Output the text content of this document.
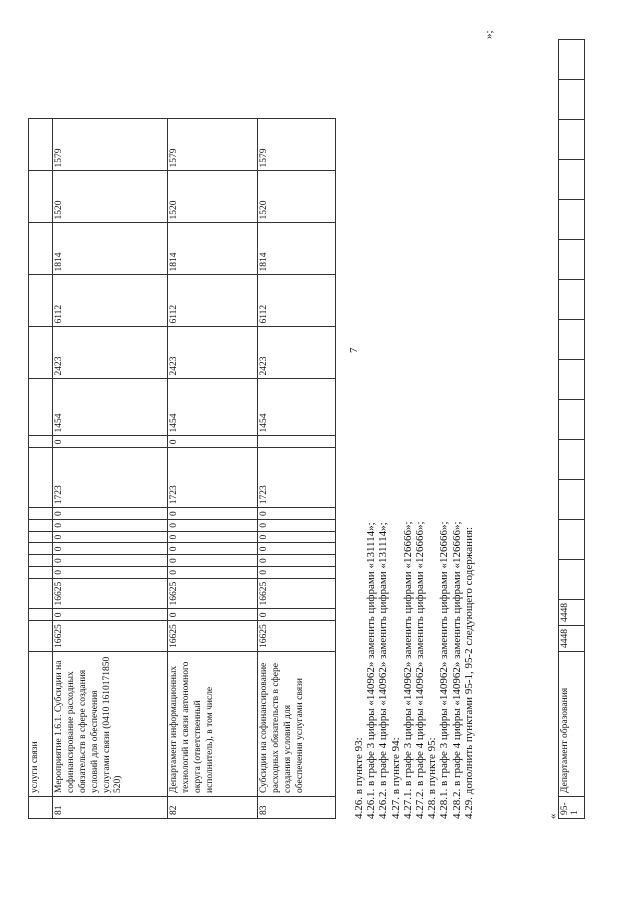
7
	услуги связи																	
81	Мероприятие 1.6.1. Субсидии на софинансирование расходных обязательств в сфере создания условий для обеспечения услугами связи (0410 1610171850 520)	16625	0	16625	0	0	0	0	0	0	1723	0	1454	2423	6112	1814	1520	1579
82	Департамент информационных технологий и связи автономного округа (ответственный исполнитель), в том числе	16625	0	16625	0	0	0	0	0	0	1723	0	1454	2423	6112	1814	1520	1579
83	Субсидии на софинансирование расходных обязательств в сфере создания условий для обеспечения услугами связи	16625	0	16625	0	0	0	0	0	0	1723		1454	2423	6112	1814	1520	1579
»;
4.26. в пункте 93: 4.26.1. в графе 3 цифры «140962» заменить цифрами «131114»; 4.26.2. в графе 4 цифры «140962» заменить цифрами «131114»; 4.27. в пункте 94: 4.27.1. в графе 3 цифры «140962» заменить цифрами «126666»; 4.27.2. в графе 4 цифры «140962» заменить цифрами «126666»; 4.28. в пункте 95: 4.28.1. в графе 3 цифры «140962» заменить цифрами «126666»; 4.28.2. в графе 4 цифры «140962» заменить цифрами «126666»; 4.29. дополнить пунктами 95-1, 95-2 следующего содержания:	«
95-1	Департамент образования	4448	4448														
